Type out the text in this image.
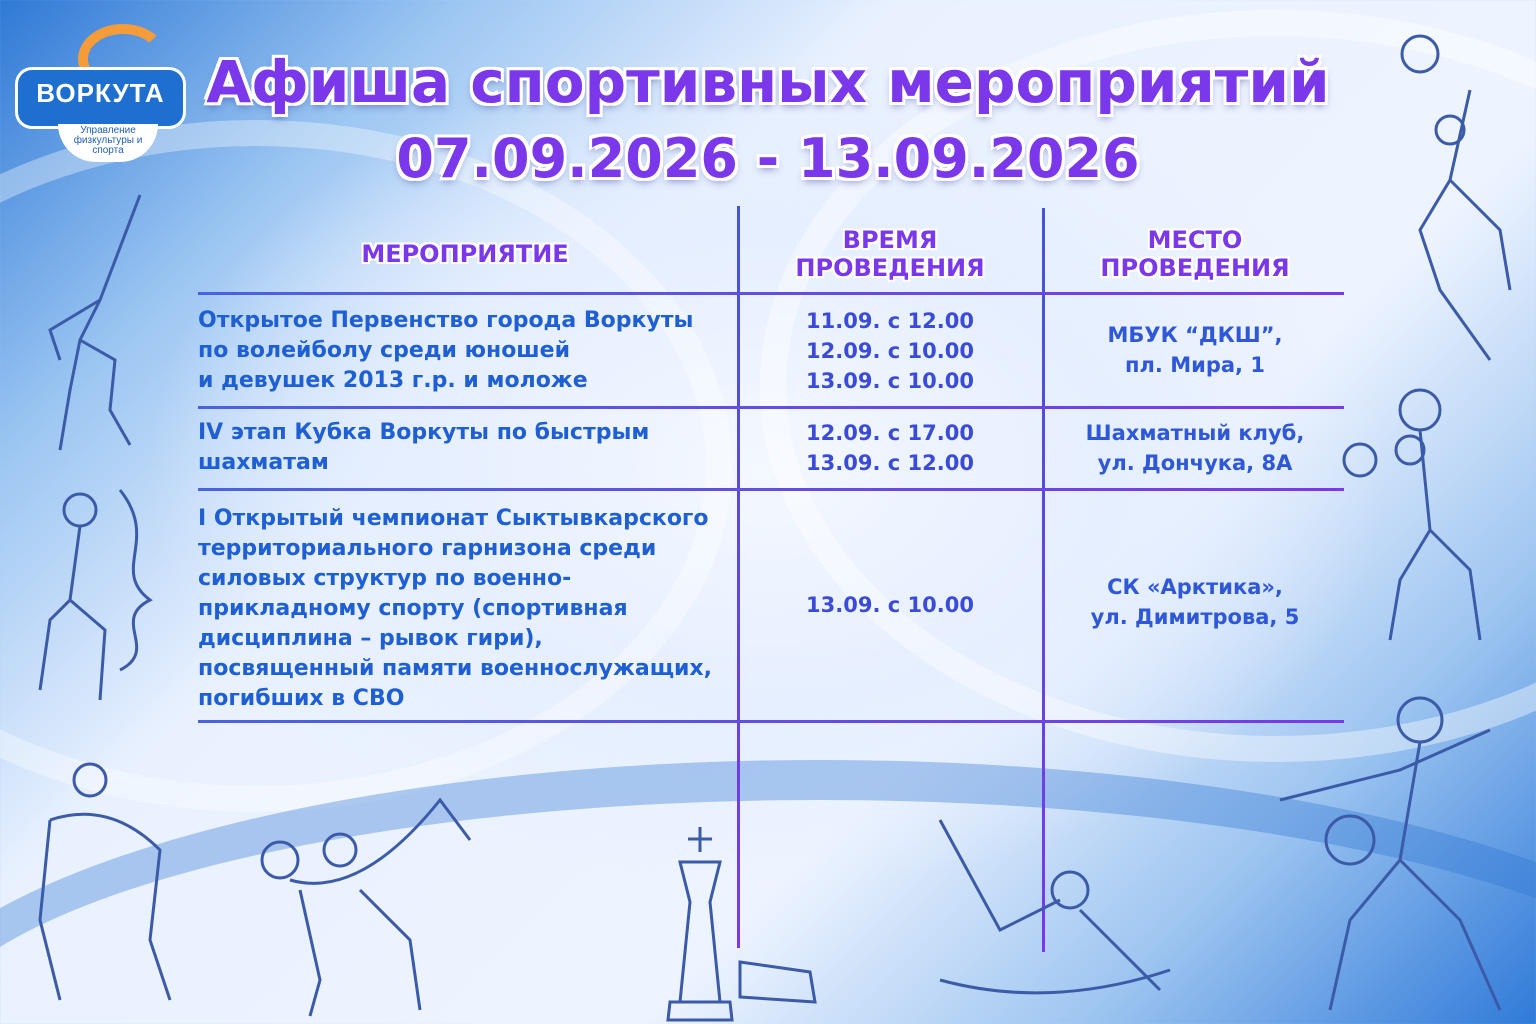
ВОРКУТА
Управление физкультуры и спорта
Афиша спортивных мероприятий
07.09.2026 - 13.09.2026
МЕРОПРИЯТИЕ	ВРЕМЯ
ПРОВЕДЕНИЯ
МЕСТО
ПРОВЕДЕНИЯ
Открытое Первенство города Воркуты
по волейболу среди юношей
и девушек 2013 г.р. и моложе
11.09. с 12.00
12.09. с 10.00
13.09. с 10.00
МБУК “ДКШ”,
пл. Мира, 1
IV этап Кубка Воркуты по быстрым
шахматам
12.09. с 17.00
13.09. с 12.00
Шахматный клуб,
ул. Дончука, 8А
I Открытый чемпионат Сыктывкарского
территориального гарнизона среди
силовых структур по военно-
прикладному спорту (спортивная
дисциплина – рывок гири),
посвященный памяти военнослужащих,
погибших в СВО
13.09. с 10.00
СК «Арктика»,
ул. Димитрова, 5
